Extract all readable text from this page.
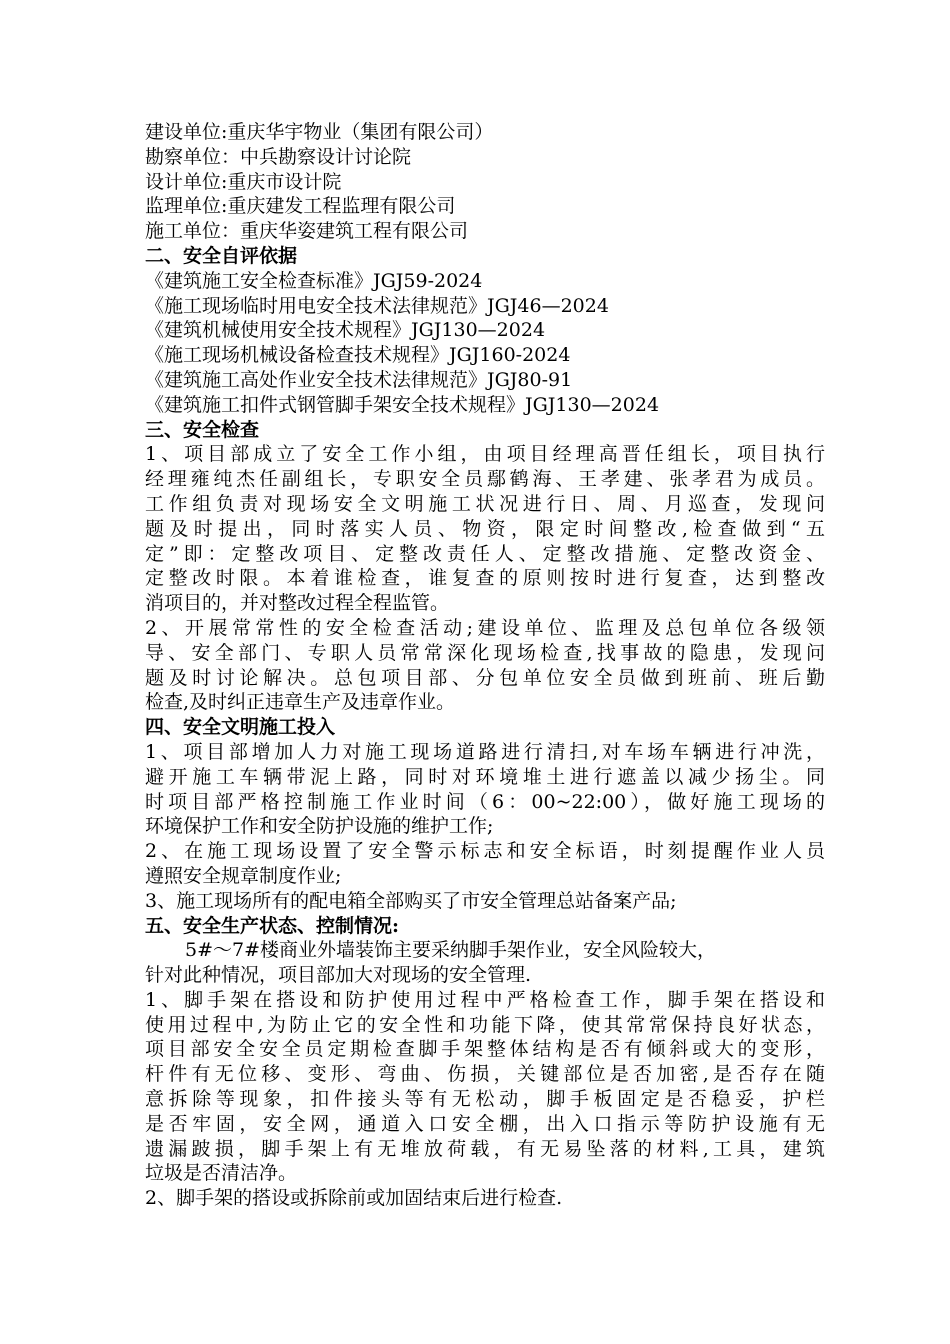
建设单位:重庆华宇物业（集团有限公司）

勘察单位：中兵勘察设计讨论院

设计单位:重庆市设计院

监理单位:重庆建发工程监理有限公司

施工单位：重庆华姿建筑工程有限公司

二、安全自评依据

《建筑施工安全检查标准》JGJ59-2024

《施工现场临时用电安全技术法律规范》JGJ46—2024

《建筑机械使用安全技术规程》JGJ130—2024

《施工现场机械设备检查技术规程》JGJ160-2024

《建筑施工高处作业安全技术法律规范》JGJ80-91

《建筑施工扣件式钢管脚手架安全技术规程》JGJ130—2024

三、安全检查

1、项目部成立了安全工作小组，由项目经理高晋任组长，项目执行

经理雍纯杰任副组长，专职安全员鄢鹤海、王孝建、张孝君为成员。

工作组负责对现场安全文明施工状况进行日、周、月巡查，发现问

题及时提出，同时落实人员、物资，限定时间整改,检查做到“五

定”即：定整改项目、定整改责任人、定整改措施、定整改资金、

定整改时限。本着谁检查，谁复查的原则按时进行复查，达到整改

消项目的，并对整改过程全程监管。

2、开展常常性的安全检查活动;建设单位、监理及总包单位各级领

导、安全部门、专职人员常常深化现场检查,找事故的隐患，发现问

题及时讨论解决。总包项目部、分包单位安全员做到班前、班后勤

检查,及时纠正违章生产及违章作业。

四、安全文明施工投入

1、项目部增加人力对施工现场道路进行清扫,对车场车辆进行冲洗，

避开施工车辆带泥上路，同时对环境堆土进行遮盖以减少扬尘。同

时项目部严格控制施工作业时间（6：00~22:00），做好施工现场的

环境保护工作和安全防护设施的维护工作;

2、在施工现场设置了安全警示标志和安全标语，时刻提醒作业人员

遵照安全规章制度作业;

3、施工现场所有的配电箱全部购买了市安全管理总站备案产品;

五、安全生产状态、控制情况:

5#～7#楼商业外墙装饰主要采纳脚手架作业，安全风险较大，

针对此种情况，项目部加大对现场的安全管理.

1、脚手架在搭设和防护使用过程中严格检查工作，脚手架在搭设和

使用过程中,为防止它的安全性和功能下降，使其常常保持良好状态，

项目部安全安全员定期检查脚手架整体结构是否有倾斜或大的变形，

杆件有无位移、变形、弯曲、伤损，关键部位是否加密,是否存在随

意拆除等现象，扣件接头等有无松动，脚手板固定是否稳妥，护栏

是否牢固，安全网，通道入口安全棚，出入口指示等防护设施有无

遗漏跛损，脚手架上有无堆放荷载，有无易坠落的材料,工具，建筑

垃圾是否清洁净。

2、脚手架的搭设或拆除前或加固结束后进行检查.
